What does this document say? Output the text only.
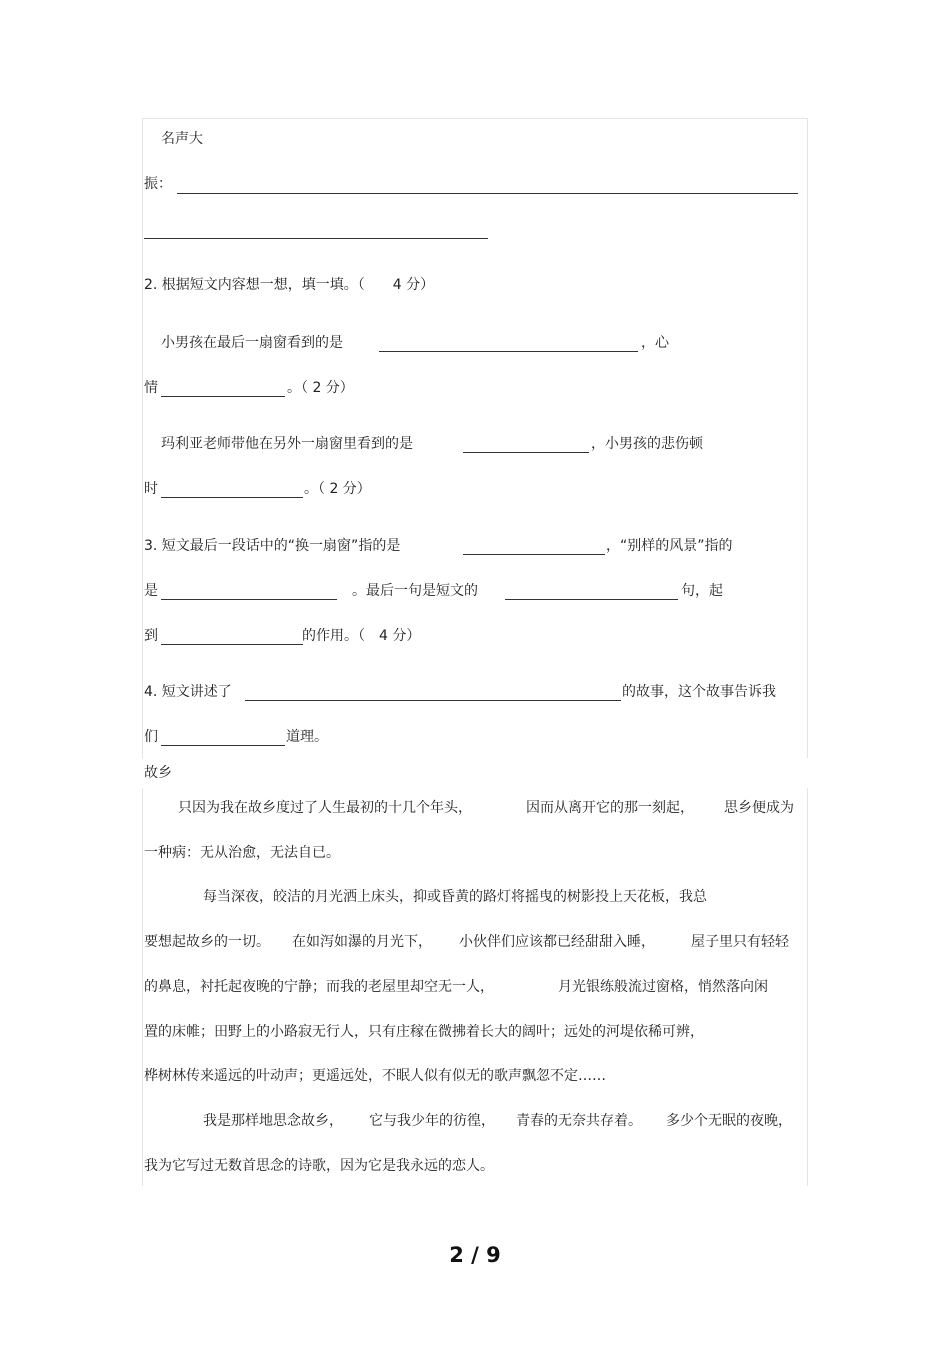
名声大
振：
2. 根据短文内容想一想，填一填。（　　4 分）
小男孩在最后一扇窗看到的是	，心
情	。（ 2 分）
玛利亚老师带他在另外一扇窗里看到的是	，小男孩的悲伤顿
时	。（ 2 分）
3. 短文最后一段话中的“换一扇窗”指的是	，“别样的风景”指的
是	。最后一句是短文的	句，起
到	的作用。（　4 分）
4. 短文讲述了	的故事，这个故事告诉我
们	道理。
故乡
只因为我在故乡度过了人生最初的十几个年头，	因而从离开它的那一刻起， 思乡便成为
一种病：无从治愈，无法自已。
每当深夜，皎洁的月光洒上床头，抑或昏黄的路灯将摇曳的树影投上天花板，我总
要想起故乡的一切。 在如泻如瀑的月光下， 小伙伴们应该都已经甜甜入睡，	屋子里只有轻轻
的鼻息，衬托起夜晚的宁静；而我的老屋里却空无一人，	月光银练般流过窗格，悄然落向闲
置的床帷；田野上的小路寂无行人，只有庄稼在微拂着长大的阔叶；远处的河堤依稀可辨，
桦树林传来遥远的叶动声；更遥远处，不眠人似有似无的歌声飘忽不定……
我是那样地思念故乡， 它与我少年的彷徨， 青春的无奈共存着。 多少个无眠的夜晚，
我为它写过无数首思念的诗歌，因为它是我永远的恋人。
2 / 9
